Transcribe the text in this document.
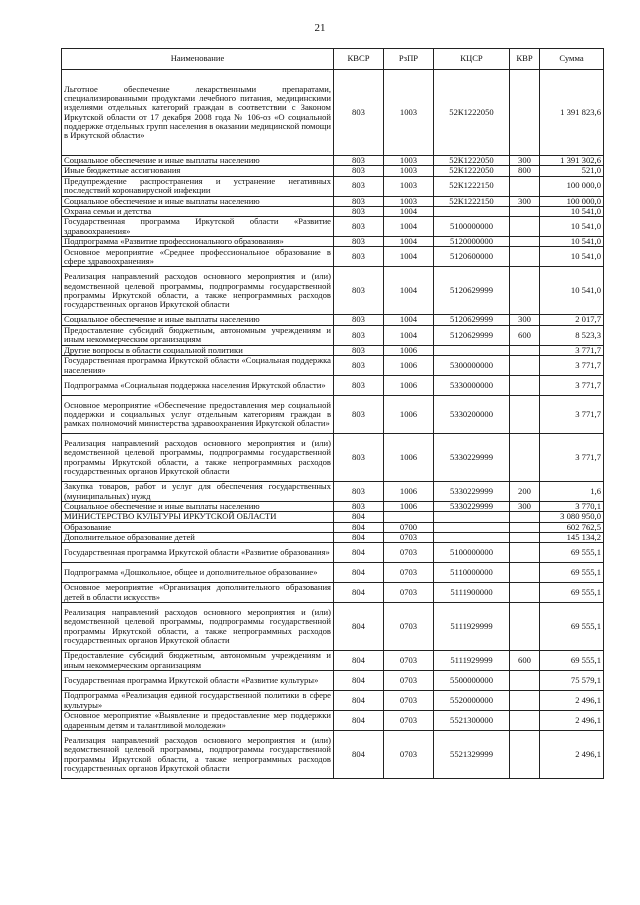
21
Наименование	КВСР	РзПР	КЦСР	КВР	Сумма
Льготное обеспечение лекарственными препаратами, специализированными продуктами лечебного питания, медицинскими изделиями отдельных категорий граждан в соответствии с Законом Иркутской области от 17 декабря 2008 года № 106-оз «О социальной поддержке отдельных групп населения в оказании медицинской помощи в Иркутской области»	803	1003	52К1222050		1 391 823,6
Социальное обеспечение и иные выплаты населению	803	1003	52К1222050	300	1 391 302,6
Иные бюджетные ассигнования	803	1003	52К1222050	800	521,0
Предупреждение распространения и устранение негативных последствий коронавирусной инфекции	803	1003	52К1222150		100 000,0
Социальное обеспечение и иные выплаты населению	803	1003	52К1222150	300	100 000,0
Охрана семьи и детства	803	1004			10 541,0
Государственная программа Иркутской области «Развитие здравоохранения»	803	1004	5100000000		10 541,0
Подпрограмма «Развитие профессионального образования»	803	1004	5120000000		10 541,0
Основное мероприятие «Среднее профессиональное образование в сфере здравоохранения»	803	1004	5120600000		10 541,0
Реализация направлений расходов основного мероприятия и (или) ведомственной целевой программы, подпрограммы государственной программы Иркутской области, а также непрограммных расходов государственных органов Иркутской области	803	1004	5120629999		10 541,0
Социальное обеспечение и иные выплаты населению	803	1004	5120629999	300	2 017,7
Предоставление субсидий бюджетным, автономным учреждениям и иным некоммерческим организациям	803	1004	5120629999	600	8 523,3
Другие вопросы в области социальной политики	803	1006			3 771,7
Государственная программа Иркутской области «Социальная поддержка населения»	803	1006	5300000000		3 771,7
Подпрограмма «Социальная поддержка населения Иркутской области»	803	1006	5330000000		3 771,7
Основное мероприятие «Обеспечение предоставления мер социальной поддержки и социальных услуг отдельным категориям граждан в рамках полномочий министерства здравоохранения Иркутской области»	803	1006	5330200000		3 771,7
Реализация направлений расходов основного мероприятия и (или) ведомственной целевой программы, подпрограммы государственной программы Иркутской области, а также непрограммных расходов государственных органов Иркутской области	803	1006	5330229999		3 771,7
Закупка товаров, работ и услуг для обеспечения государственных (муниципальных) нужд	803	1006	5330229999	200	1,6
Социальное обеспечение и иные выплаты населению	803	1006	5330229999	300	3 770,1
МИНИСТЕРСТВО КУЛЬТУРЫ ИРКУТСКОЙ ОБЛАСТИ	804				3 080 950,0
Образование	804	0700			602 762,5
Дополнительное образование детей	804	0703			145 134,2
Государственная программа Иркутской области «Развитие образования»	804	0703	5100000000		69 555,1
Подпрограмма «Дошкольное, общее и дополнительное образование»	804	0703	5110000000		69 555,1
Основное мероприятие «Организация дополнительного образования детей в области искусств»	804	0703	5111900000		69 555,1
Реализация направлений расходов основного мероприятия и (или) ведомственной целевой программы, подпрограммы государственной программы Иркутской области, а также непрограммных расходов государственных органов Иркутской области	804	0703	5111929999		69 555,1
Предоставление субсидий бюджетным, автономным учреждениям и иным некоммерческим организациям	804	0703	5111929999	600	69 555,1
Государственная программа Иркутской области «Развитие культуры»	804	0703	5500000000		75 579,1
Подпрограмма «Реализация единой государственной политики в сфере культуры»	804	0703	5520000000		2 496,1
Основное мероприятие «Выявление и предоставление мер поддержки одаренным детям и талантливой молодежи»	804	0703	5521300000		2 496,1
Реализация направлений расходов основного мероприятия и (или) ведомственной целевой программы, подпрограммы государственной программы Иркутской области, а также непрограммных расходов государственных органов Иркутской области	804	0703	5521329999		2 496,1
